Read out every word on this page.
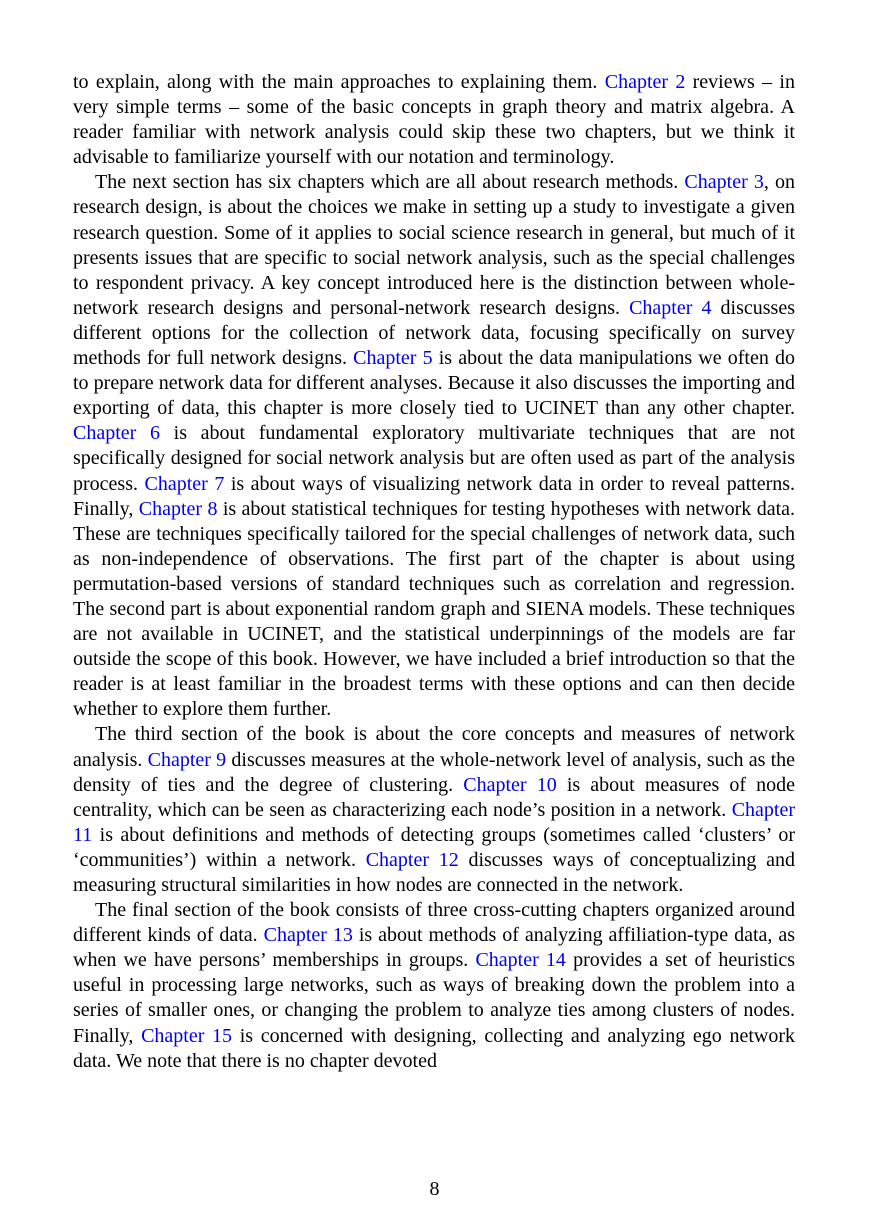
to explain, along with the main approaches to explaining them. Chapter 2 reviews – in very simple terms – some of the basic concepts in graph theory and matrix algebra. A reader familiar with network analysis could skip these two chapters, but we think it advisable to familiarize yourself with our notation and terminology.

The next section has six chapters which are all about research methods. Chapter 3, on research design, is about the choices we make in setting up a study to investigate a given research question. Some of it applies to social science research in general, but much of it presents issues that are specific to social network analysis, such as the special challenges to respondent privacy. A key concept introduced here is the distinction between whole-network research designs and personal-network research designs. Chapter 4 discusses different options for the collection of network data, focusing specifically on survey methods for full network designs. Chapter 5 is about the data manipulations we often do to prepare network data for different analyses. Because it also discusses the importing and exporting of data, this chapter is more closely tied to UCINET than any other chapter. Chapter 6 is about fundamental exploratory multivariate techniques that are not specifically designed for social network analysis but are often used as part of the analysis process. Chapter 7 is about ways of visualizing network data in order to reveal patterns. Finally, Chapter 8 is about statistical techniques for testing hypotheses with network data. These are techniques specifically tailored for the special challenges of network data, such as non-independence of observations. The first part of the chapter is about using permutation-based versions of standard techniques such as correlation and regression. The second part is about exponential random graph and SIENA models. These techniques are not available in UCINET, and the statistical underpinnings of the models are far outside the scope of this book. However, we have included a brief introduction so that the reader is at least familiar in the broadest terms with these options and can then decide whether to explore them further.

The third section of the book is about the core concepts and measures of network analysis. Chapter 9 discusses measures at the whole-network level of analysis, such as the density of ties and the degree of clustering. Chapter 10 is about measures of node centrality, which can be seen as characterizing each node’s position in a network. Chapter 11 is about definitions and methods of detecting groups (sometimes called ‘clusters’ or ‘communities’) within a network. Chapter 12 discusses ways of conceptualizing and measuring structural similarities in how nodes are connected in the network.

The final section of the book consists of three cross-cutting chapters organized around different kinds of data. Chapter 13 is about methods of analyzing affiliation-type data, as when we have persons’ memberships in groups. Chapter 14 provides a set of heuristics useful in processing large networks, such as ways of breaking down the problem into a series of smaller ones, or changing the problem to analyze ties among clusters of nodes. Finally, Chapter 15 is concerned with designing, collecting and analyzing ego network data. We note that there is no chapter devoted

8
